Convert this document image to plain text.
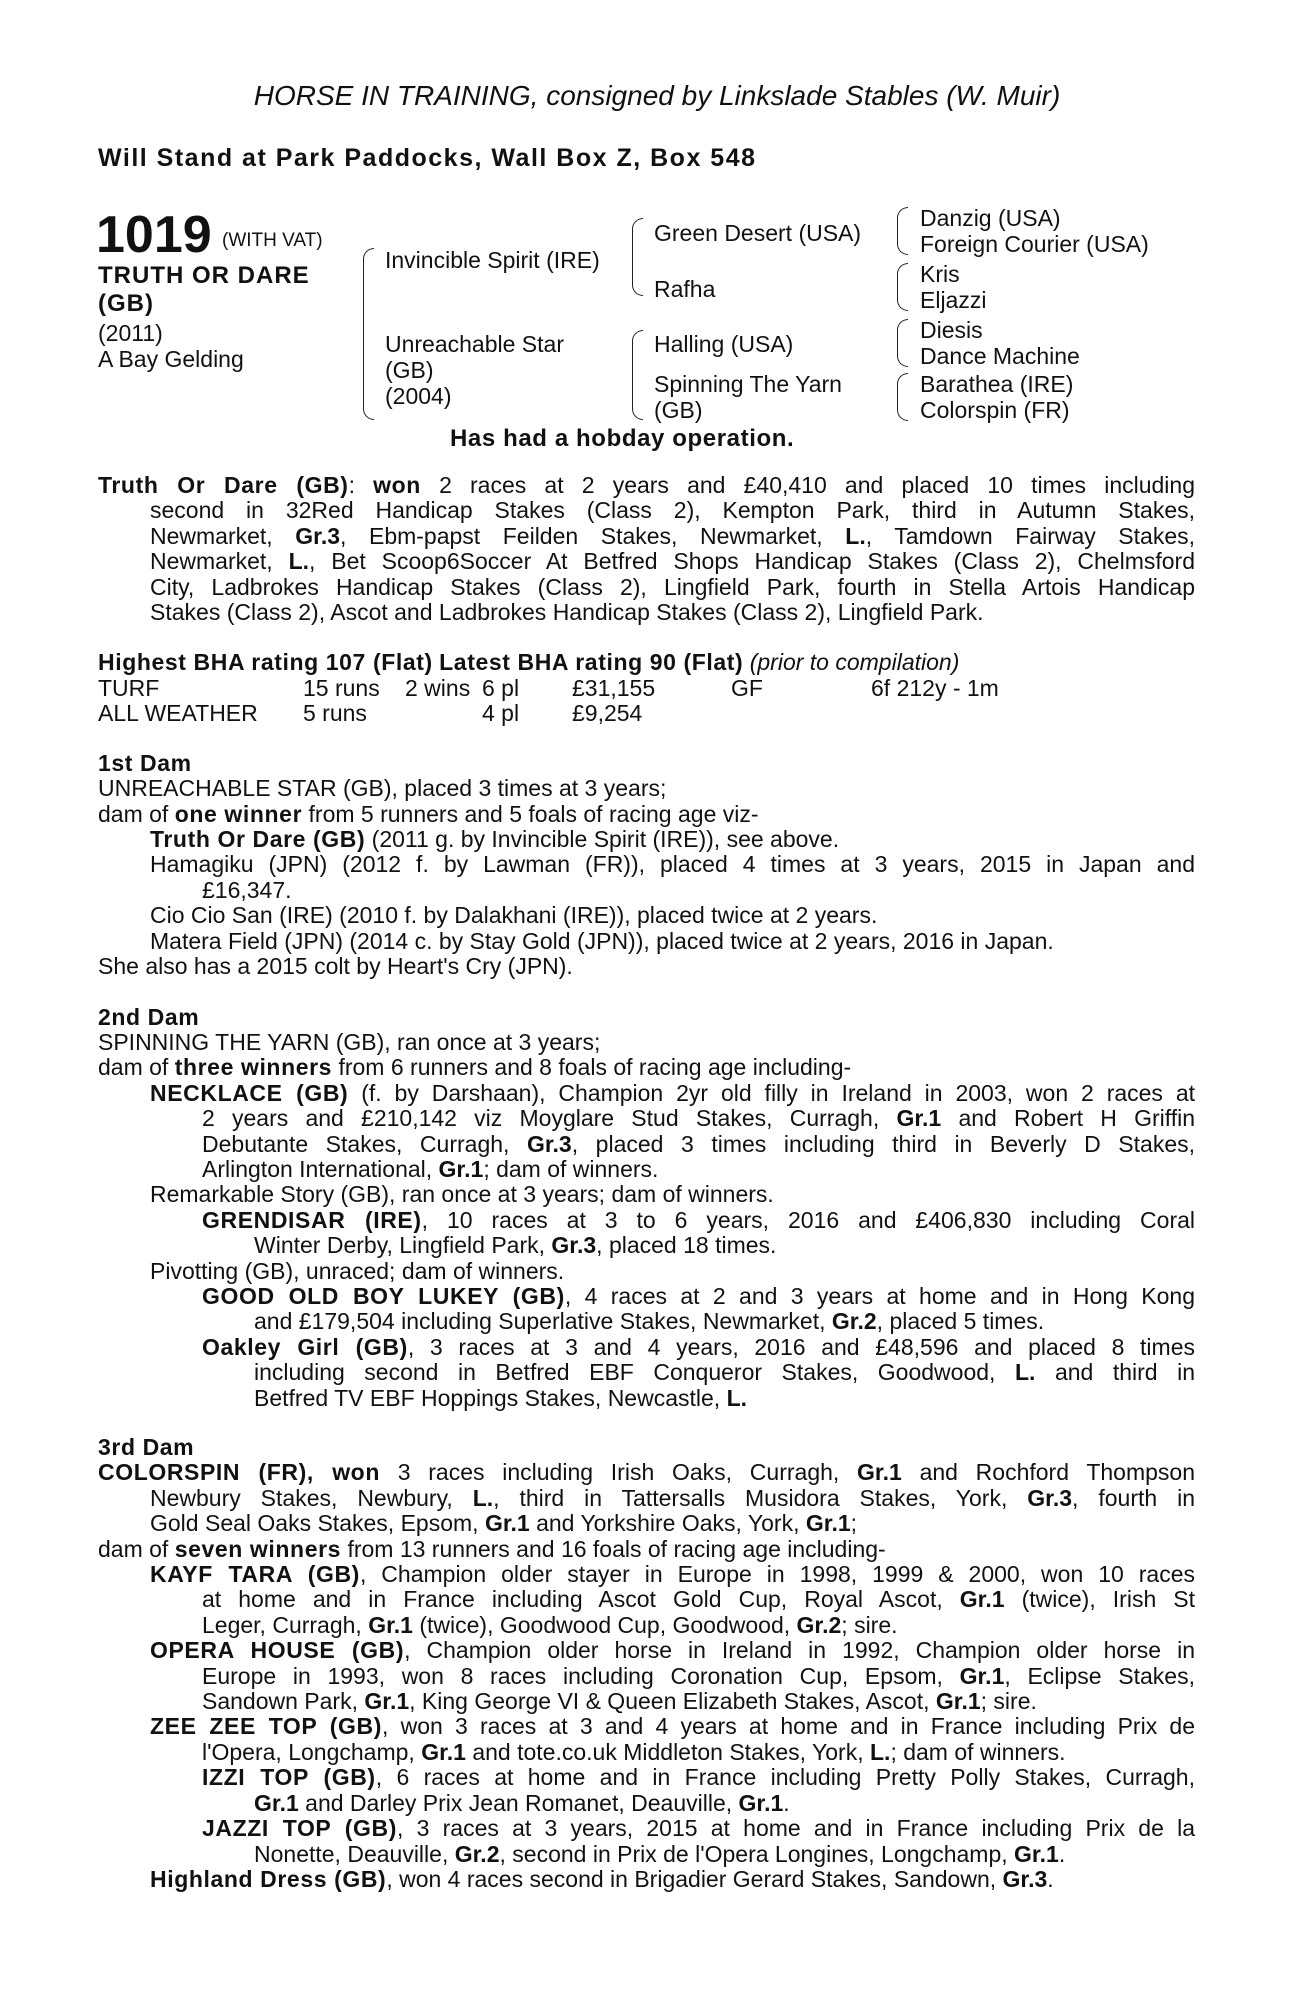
HORSE IN TRAINING, consigned by Linkslade Stables (W. Muir)
Will Stand at Park Paddocks, Wall Box Z, Box 548
1019 (WITH VAT)
TRUTH OR DARE
(GB)
(2011)
A Bay Gelding
Invincible Spirit (IRE)
Unreachable Star
(GB)
(2004)
Green Desert (USA)
Rafha
Halling (USA)
Spinning The Yarn
(GB)
Danzig (USA)
Foreign Courier (USA)
Kris
Eljazzi
Diesis
Dance Machine
Barathea (IRE)
Colorspin (FR)
Has had a hobday operation.

Truth Or Dare (GB): won 2 races at 2 years and £40,410 and placed 10 times including

second in 32Red Handicap Stakes (Class 2), Kempton Park, third in Autumn Stakes,

Newmarket, Gr.3, Ebm-papst Feilden Stakes, Newmarket, L., Tamdown Fairway Stakes,

Newmarket, L., Bet Scoop6Soccer At Betfred Shops Handicap Stakes (Class 2), Chelmsford

City, Ladbrokes Handicap Stakes (Class 2), Lingfield Park, fourth in Stella Artois Handicap

Stakes (Class 2), Ascot and Ladbrokes Handicap Stakes (Class 2), Lingfield Park.

Highest BHA rating 107 (Flat) Latest BHA rating 90 (Flat) (prior to compilation)

TURF	15 runs 2 wins 6 pl £31,155	GF	6f 212y - 1m
ALL WEATHER 5 runs	4 pl £9,254

1st Dam

UNREACHABLE STAR (GB), placed 3 times at 3 years;

dam of one winner from 5 runners and 5 foals of racing age viz-

Truth Or Dare (GB) (2011 g. by Invincible Spirit (IRE)), see above.

Hamagiku (JPN) (2012 f. by Lawman (FR)), placed 4 times at 3 years, 2015 in Japan and

£16,347.

Cio Cio San (IRE) (2010 f. by Dalakhani (IRE)), placed twice at 2 years.

Matera Field (JPN) (2014 c. by Stay Gold (JPN)), placed twice at 2 years, 2016 in Japan.

She also has a 2015 colt by Heart's Cry (JPN).

2nd Dam

SPINNING THE YARN (GB), ran once at 3 years;

dam of three winners from 6 runners and 8 foals of racing age including-

NECKLACE (GB) (f. by Darshaan), Champion 2yr old filly in Ireland in 2003, won 2 races at

2 years and £210,142 viz Moyglare Stud Stakes, Curragh, Gr.1 and Robert H Griffin

Debutante Stakes, Curragh, Gr.3, placed 3 times including third in Beverly D Stakes,

Arlington International, Gr.1; dam of winners.

Remarkable Story (GB), ran once at 3 years; dam of winners.

GRENDISAR (IRE), 10 races at 3 to 6 years, 2016 and £406,830 including Coral

Winter Derby, Lingfield Park, Gr.3, placed 18 times.

Pivotting (GB), unraced; dam of winners.

GOOD OLD BOY LUKEY (GB), 4 races at 2 and 3 years at home and in Hong Kong

and £179,504 including Superlative Stakes, Newmarket, Gr.2, placed 5 times.

Oakley Girl (GB), 3 races at 3 and 4 years, 2016 and £48,596 and placed 8 times

including second in Betfred EBF Conqueror Stakes, Goodwood, L. and third in

Betfred TV EBF Hoppings Stakes, Newcastle, L.

3rd Dam

COLORSPIN (FR), won 3 races including Irish Oaks, Curragh, Gr.1 and Rochford Thompson

Newbury Stakes, Newbury, L., third in Tattersalls Musidora Stakes, York, Gr.3, fourth in

Gold Seal Oaks Stakes, Epsom, Gr.1 and Yorkshire Oaks, York, Gr.1;

dam of seven winners from 13 runners and 16 foals of racing age including-

KAYF TARA (GB), Champion older stayer in Europe in 1998, 1999 & 2000, won 10 races

at home and in France including Ascot Gold Cup, Royal Ascot, Gr.1 (twice), Irish St

Leger, Curragh, Gr.1 (twice), Goodwood Cup, Goodwood, Gr.2; sire.

OPERA HOUSE (GB), Champion older horse in Ireland in 1992, Champion older horse in

Europe in 1993, won 8 races including Coronation Cup, Epsom, Gr.1, Eclipse Stakes,

Sandown Park, Gr.1, King George VI & Queen Elizabeth Stakes, Ascot, Gr.1; sire.

ZEE ZEE TOP (GB), won 3 races at 3 and 4 years at home and in France including Prix de

l'Opera, Longchamp, Gr.1 and tote.co.uk Middleton Stakes, York, L.; dam of winners.

IZZI TOP (GB), 6 races at home and in France including Pretty Polly Stakes, Curragh,

Gr.1 and Darley Prix Jean Romanet, Deauville, Gr.1.

JAZZI TOP (GB), 3 races at 3 years, 2015 at home and in France including Prix de la

Nonette, Deauville, Gr.2, second in Prix de l'Opera Longines, Longchamp, Gr.1.

Highland Dress (GB), won 4 races second in Brigadier Gerard Stakes, Sandown, Gr.3.
